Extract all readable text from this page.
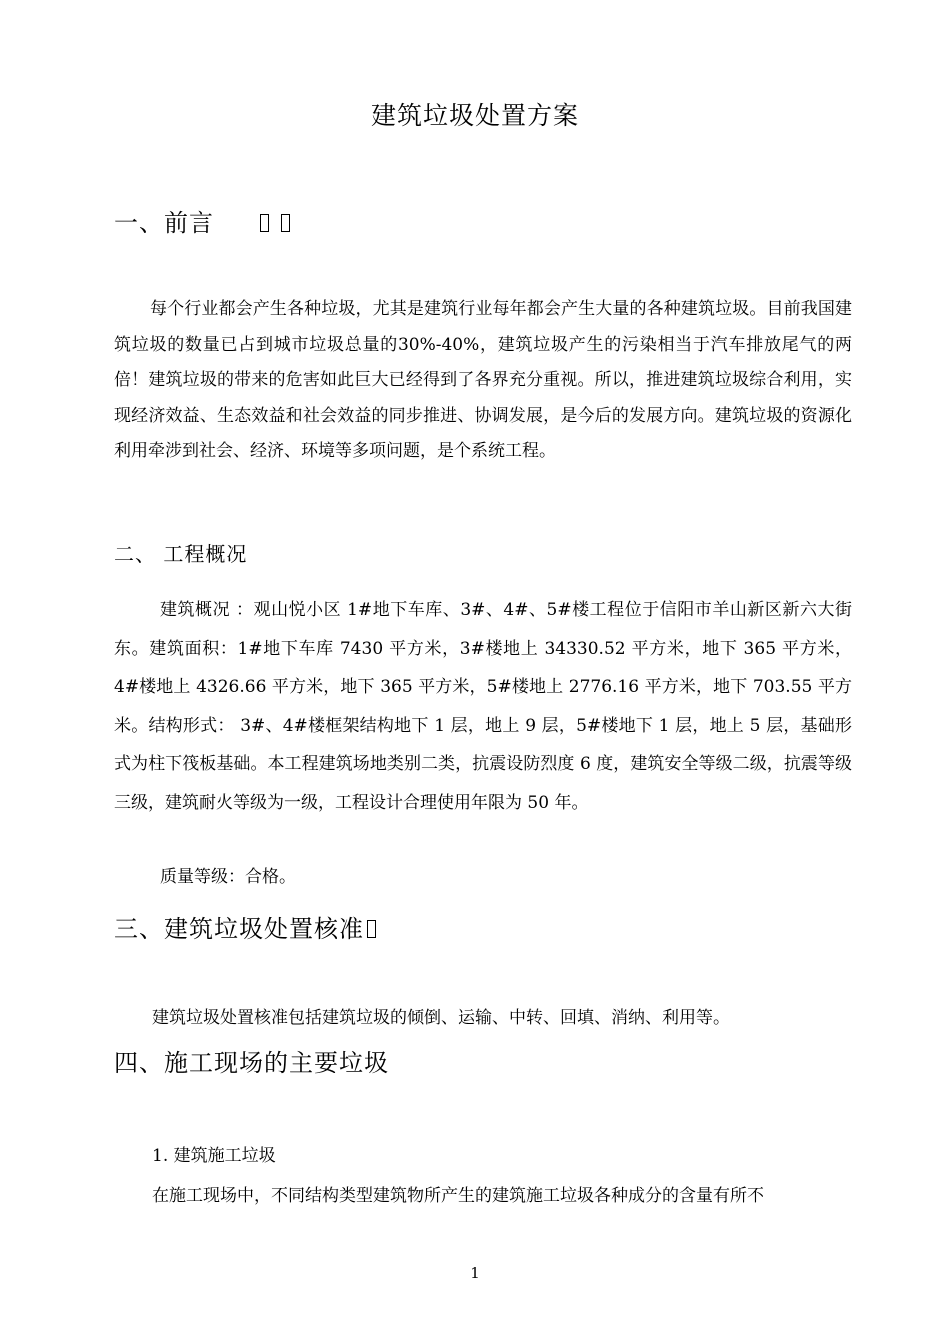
建筑垃圾处置方案
一、前言
每个行业都会产生各种垃圾，尤其是建筑行业每年都会产生大量的各种建筑垃圾。目前我国建筑垃圾的数量已占到城市垃圾总量的30%-40%，建筑垃圾产生的污染相当于汽车排放尾气的两倍！建筑垃圾的带来的危害如此巨大已经得到了各界充分重视。所以，推进建筑垃圾综合利用，实现经济效益、生态效益和社会效益的同步推进、协调发展，是今后的发展方向。建筑垃圾的资源化利用牵涉到社会、经济、环境等多项问题，是个系统工程。
二、 工程概况
建筑概况 ：观山悦小区 1#地下车库、3#、4#、5#楼工程位于信阳市羊山新区新六大街东。建筑面积：1#地下车库 7430 平方米，3#楼地上 34330.52 平方米，地下 365 平方米，4#楼地上 4326.66 平方米，地下 365 平方米，5#楼地上 2776.16 平方米，地下 703.55 平方米。结构形式： 3#、4#楼框架结构地下 1 层，地上 9 层，5#楼地下 1 层，地上 5 层，基础形式为柱下筏板基础。本工程建筑场地类别二类，抗震设防烈度 6 度，建筑安全等级二级，抗震等级三级，建筑耐火等级为一级，工程设计合理使用年限为 50 年。
质量等级：合格。
三、建筑垃圾处置核准
建筑垃圾处置核准包括建筑垃圾的倾倒、运输、中转、回填、消纳、利用等。
四、施工现场的主要垃圾
1. 建筑施工垃圾
在施工现场中，不同结构类型建筑物所产生的建筑施工垃圾各种成分的含量有所不
1
